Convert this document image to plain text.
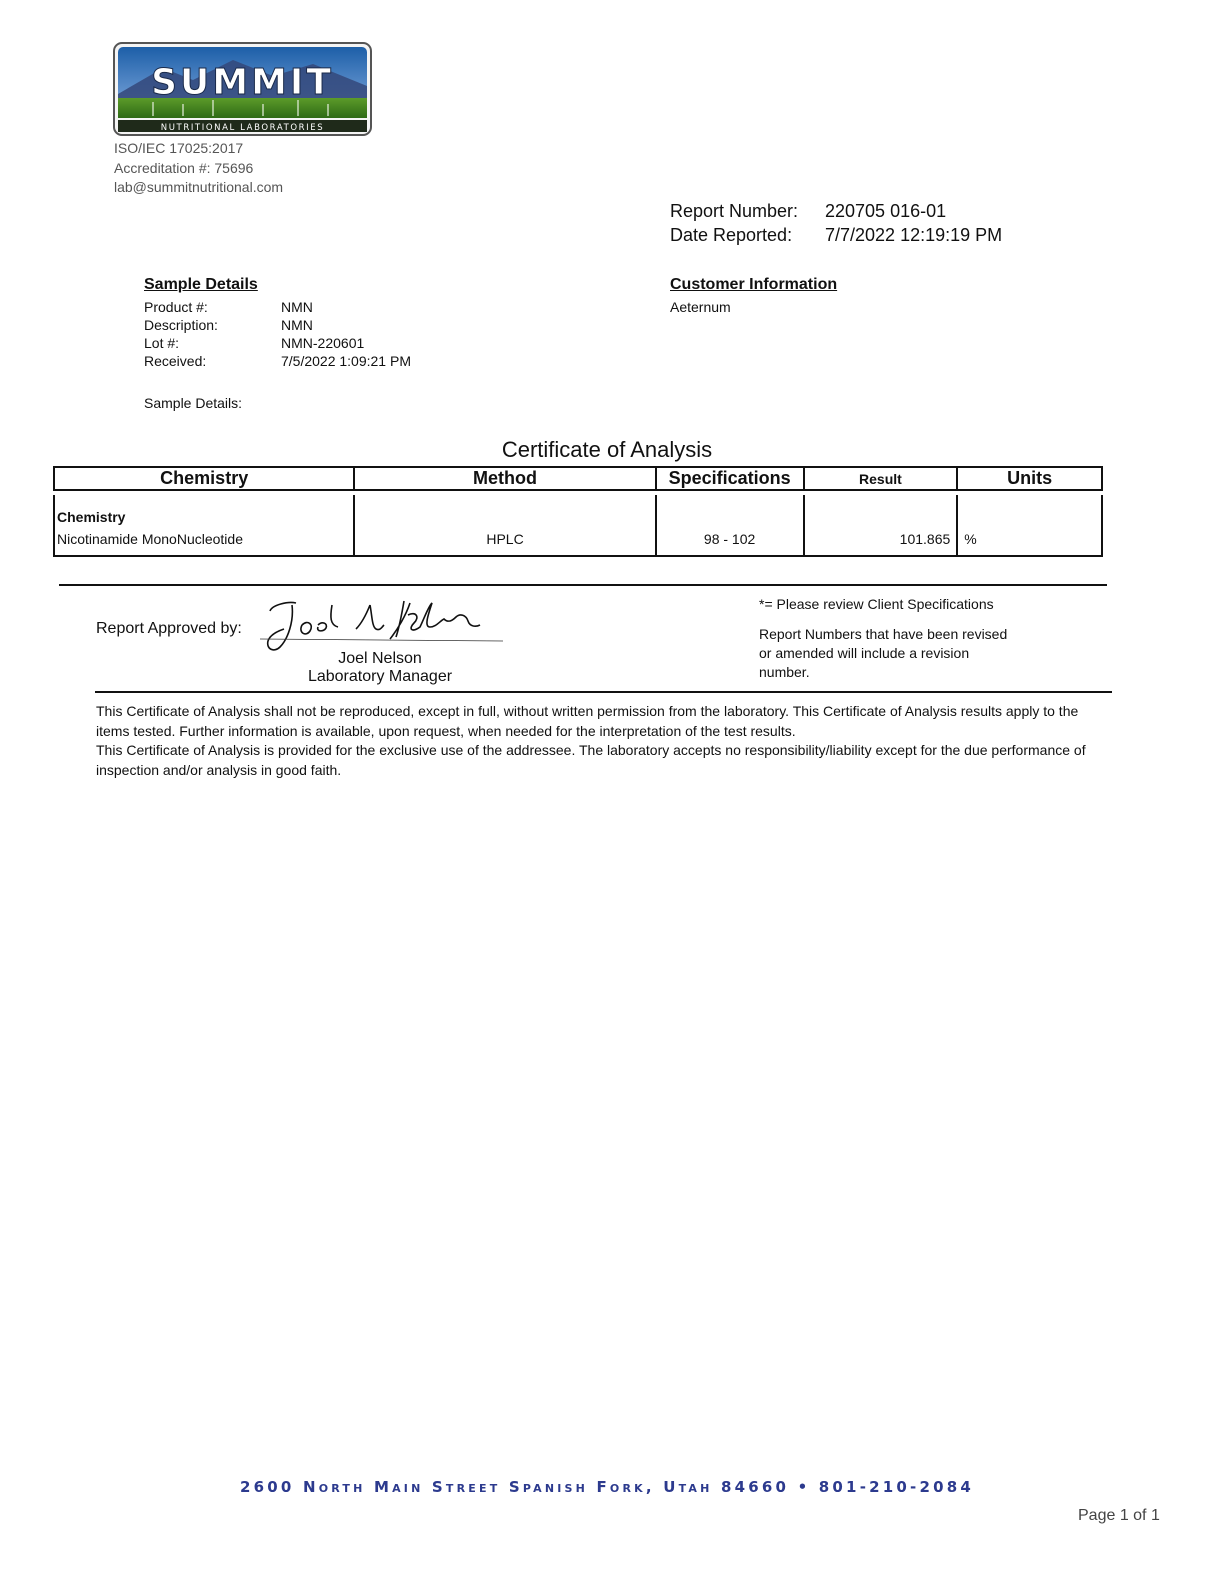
SUMMIT
NUTRITIONAL LABORATORIES
ISO/IEC 17025:2017
Accreditation #: 75696
lab@summitnutritional.com
Report Number:	220705 016-01
Date Reported:	7/7/2022 12:19:19 PM
Sample Details
Product #:	NMN
Description:	NMN
Lot #:	NMN-220601
Received:	7/5/2022 1:09:21 PM
Customer Information
Aeternum
Sample Details:
Certificate of Analysis
Chemistry	Method	Specifications	Result	Units

Chemistry
Nicotinamide MonoNucleotide	HPLC	98 - 102	101.865	%
Report Approved by:
Joel Nelson
Laboratory Manager
*= Please review Client Specifications
Report Numbers that have been revised or amended will include a revision number.
This Certificate of Analysis shall not be reproduced, except in full, without written permission from the laboratory. This Certificate of Analysis results apply to the items tested. Further information is available, upon request, when needed for the interpretation of the test results.
This Certificate of Analysis is provided for the exclusive use of the addressee. The laboratory accepts no responsibility/liability except for the due performance of inspection and/or analysis in good faith.
2600 North Main Street Spanish Fork, Utah 84660 • 801-210-2084
Page 1 of 1
